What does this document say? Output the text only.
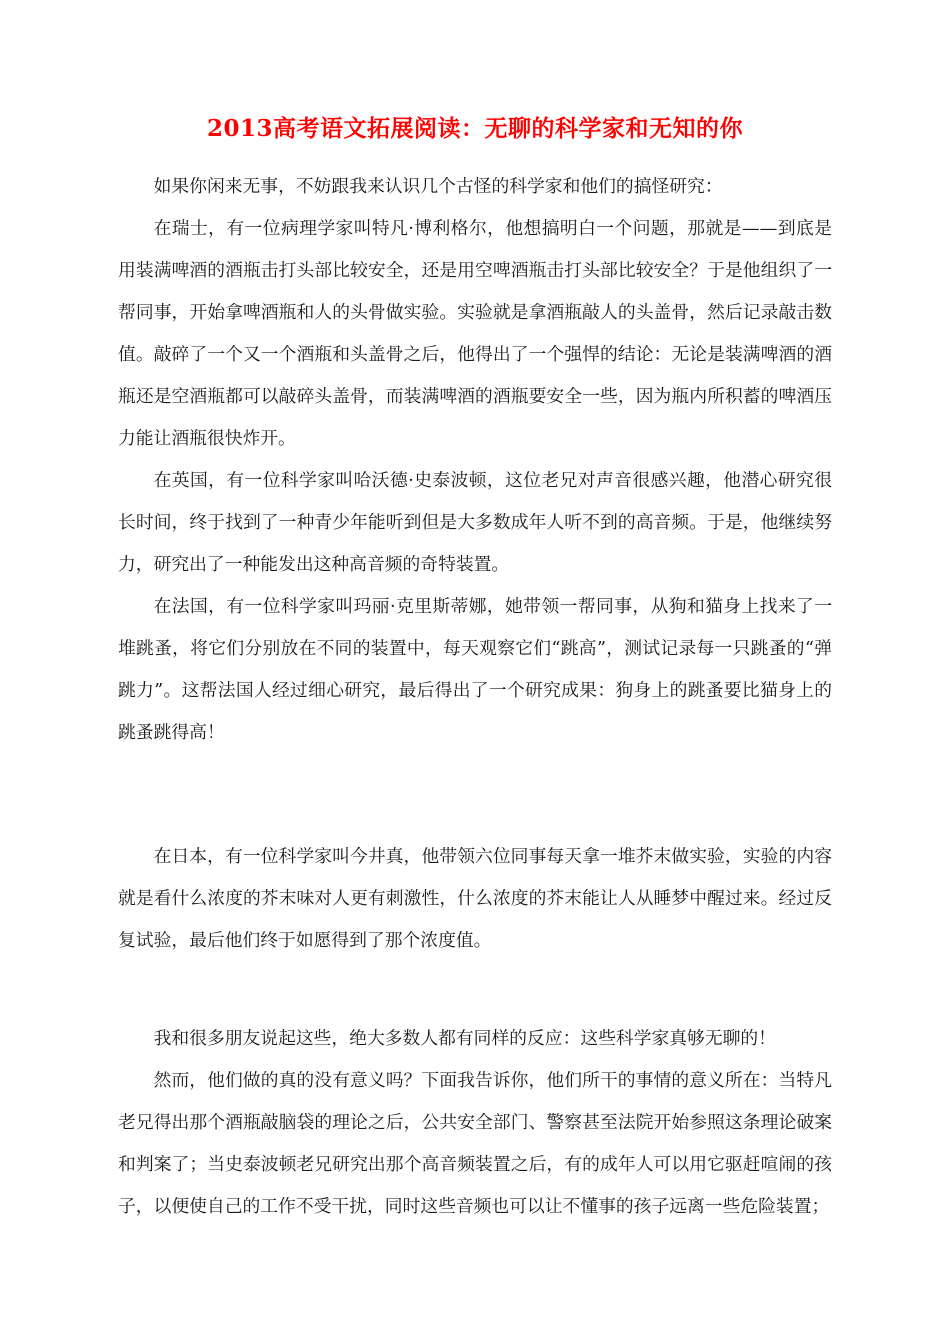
2013高考语文拓展阅读：无聊的科学家和无知的你

如果你闲来无事，不妨跟我来认识几个古怪的科学家和他们的搞怪研究：

在瑞士，有一位病理学家叫特凡·博利格尔，他想搞明白一个问题，那就是——到底是用装满啤酒的酒瓶击打头部比较安全，还是用空啤酒瓶击打头部比较安全？于是他组织了一帮同事，开始拿啤酒瓶和人的头骨做实验。实验就是拿酒瓶敲人的头盖骨，然后记录敲击数值。敲碎了一个又一个酒瓶和头盖骨之后，他得出了一个强悍的结论：无论是装满啤酒的酒瓶还是空酒瓶都可以敲碎头盖骨，而装满啤酒的酒瓶要安全一些，因为瓶内所积蓄的啤酒压力能让酒瓶很快炸开。

在英国，有一位科学家叫哈沃德·史泰波顿，这位老兄对声音很感兴趣，他潜心研究很长时间，终于找到了一种青少年能听到但是大多数成年人听不到的高音频。于是，他继续努力，研究出了一种能发出这种高音频的奇特装置。

在法国，有一位科学家叫玛丽·克里斯蒂娜，她带领一帮同事，从狗和猫身上找来了一堆跳蚤，将它们分别放在不同的装置中，每天观察它们“跳高”，测试记录每一只跳蚤的“弹跳力”。这帮法国人经过细心研究，最后得出了一个研究成果：狗身上的跳蚤要比猫身上的跳蚤跳得高！

在日本，有一位科学家叫今井真，他带领六位同事每天拿一堆芥末做实验，实验的内容就是看什么浓度的芥末味对人更有刺激性，什么浓度的芥末能让人从睡梦中醒过来。经过反复试验，最后他们终于如愿得到了那个浓度值。

我和很多朋友说起这些，绝大多数人都有同样的反应：这些科学家真够无聊的！

然而，他们做的真的没有意义吗？下面我告诉你，他们所干的事情的意义所在：当特凡老兄得出那个酒瓶敲脑袋的理论之后，公共安全部门、警察甚至法院开始参照这条理论破案和判案了；当史泰波顿老兄研究出那个高音频装置之后，有的成年人可以用它驱赶喧闹的孩子，以便使自己的工作不受干扰，同时这些音频也可以让不懂事的孩子远离一些危险装置；
